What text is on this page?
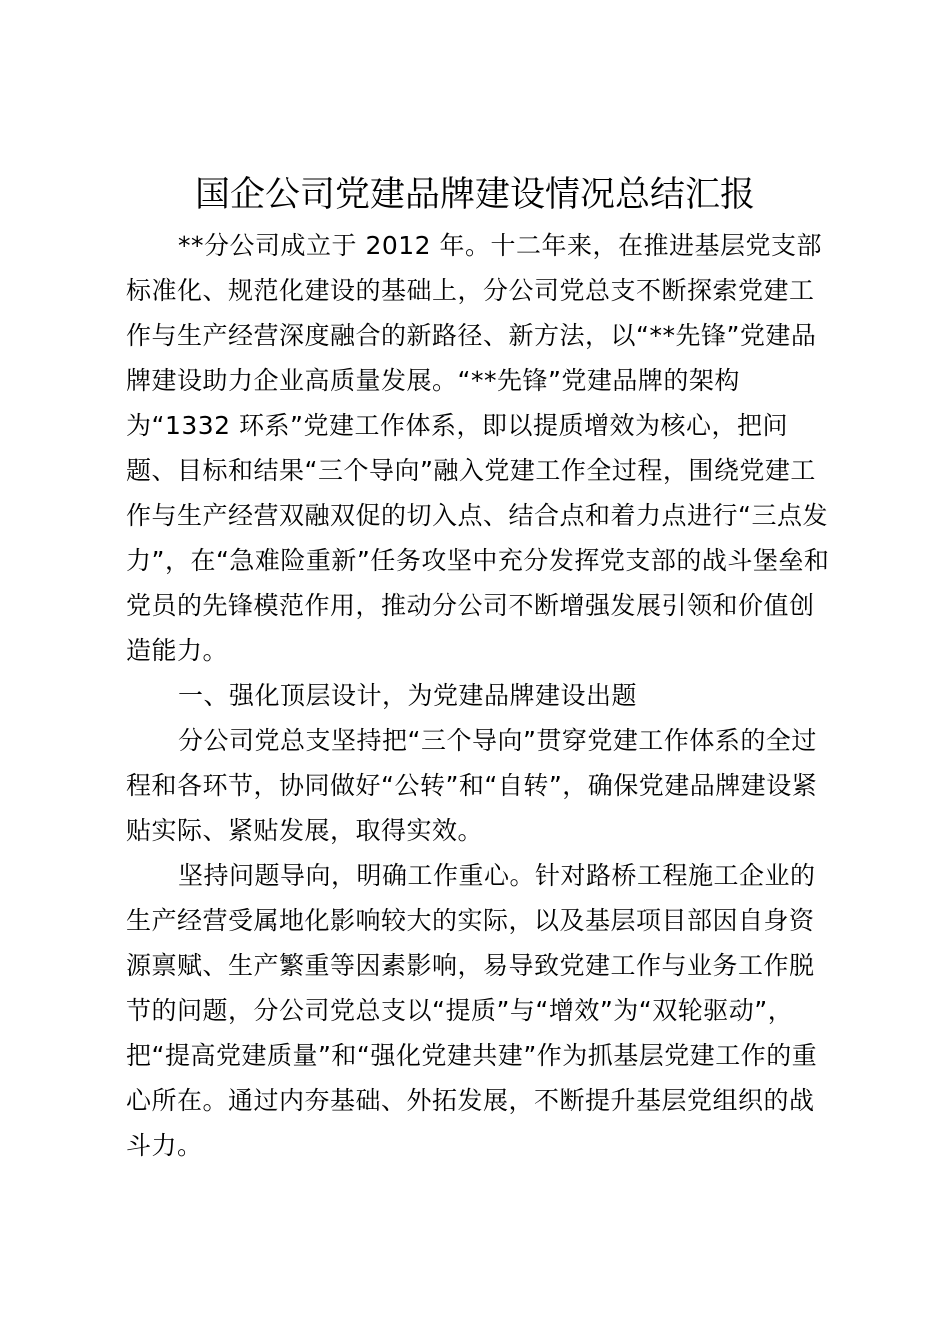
国企公司党建品牌建设情况总结汇报
**分公司成立于 2012 年。十二年来，在推进基层党支部
标准化、规范化建设的基础上，分公司党总支不断探索党建工
作与生产经营深度融合的新路径、新方法，以“**先锋”党建品
牌建设助力企业高质量发展。“**先锋”党建品牌的架构
为“1332 环系”党建工作体系，即以提质增效为核心，把问
题、目标和结果“三个导向”融入党建工作全过程，围绕党建工
作与生产经营双融双促的切入点、结合点和着力点进行“三点发
力”，在“急难险重新”任务攻坚中充分发挥党支部的战斗堡垒和
党员的先锋模范作用，推动分公司不断增强发展引领和价值创
造能力。
一、强化顶层设计，为党建品牌建设出题
分公司党总支坚持把“三个导向”贯穿党建工作体系的全过
程和各环节，协同做好“公转”和“自转”，确保党建品牌建设紧
贴实际、紧贴发展，取得实效。
坚持问题导向，明确工作重心。针对路桥工程施工企业的
生产经营受属地化影响较大的实际，以及基层项目部因自身资
源禀赋、生产繁重等因素影响，易导致党建工作与业务工作脱
节的问题，分公司党总支以“提质”与“增效”为“双轮驱动”，
把“提高党建质量”和“强化党建共建”作为抓基层党建工作的重
心所在。通过内夯基础、外拓发展，不断提升基层党组织的战
斗力。
